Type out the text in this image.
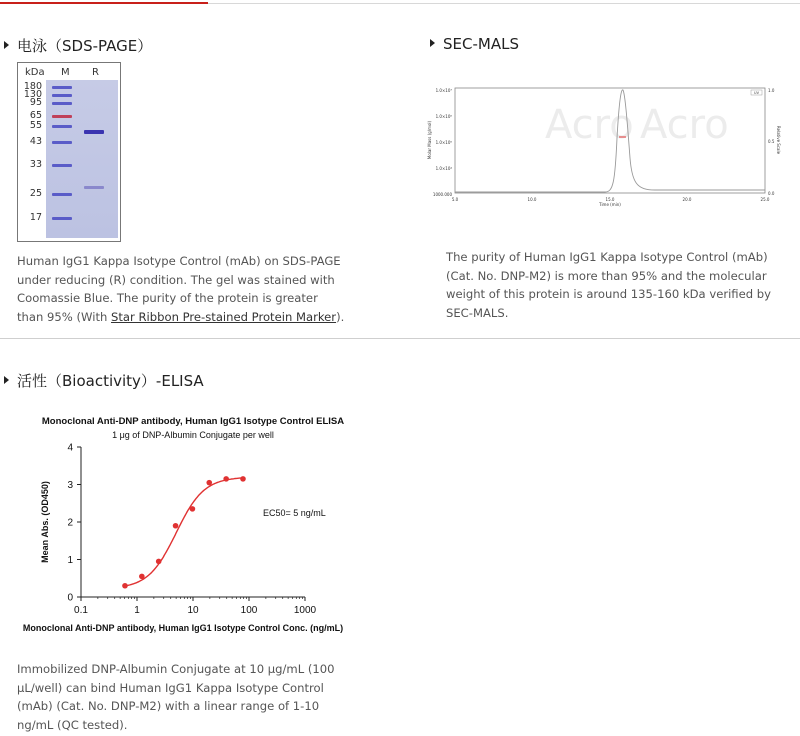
电泳（SDS-PAGE）
kDa M R
180
130
95
65
55
43
33
25
17
Human IgG1 Kappa Isotype Control (mAb) on SDS-PAGE under reducing (R) condition. The gel was stained with Coomassie Blue. The purity of the protein is greater than 95% (With Star Ribbon Pre-stained Protein Marker).
SEC-MALS
Acro Acro
Molar Mass (g/mol)	Relative Scale
1.0×10⁷
1.0×10⁶
1.0×10⁵
1.0×10⁴
1000.000
1.0
0.5
0.0
5.0	10.0	15.0	20.0	25.0
Time (min)
UV
The purity of Human IgG1 Kappa Isotype Control (mAb) (Cat. No. DNP-M2) is more than 95% and the molecular weight of this protein is around 135-160 kDa verified by SEC-MALS.
活性（Bioactivity）-ELISA
Monoclonal Anti-DNP antibody, Human IgG1 Isotype Control ELISA
1 μg of DNP-Albumin Conjugate per well
0
1
2
3
4
0.1	1	10	100	1000
Mean Abs. (OD450)
Monoclonal Anti-DNP antibody, Human IgG1 Isotype Control Conc. (ng/mL)
EC50= 5 ng/mL
Immobilized DNP-Albumin Conjugate at 10 μg/mL (100 μL/well) can bind Human IgG1 Kappa Isotype Control (mAb) (Cat. No. DNP-M2) with a linear range of 1-10 ng/mL (QC tested).
